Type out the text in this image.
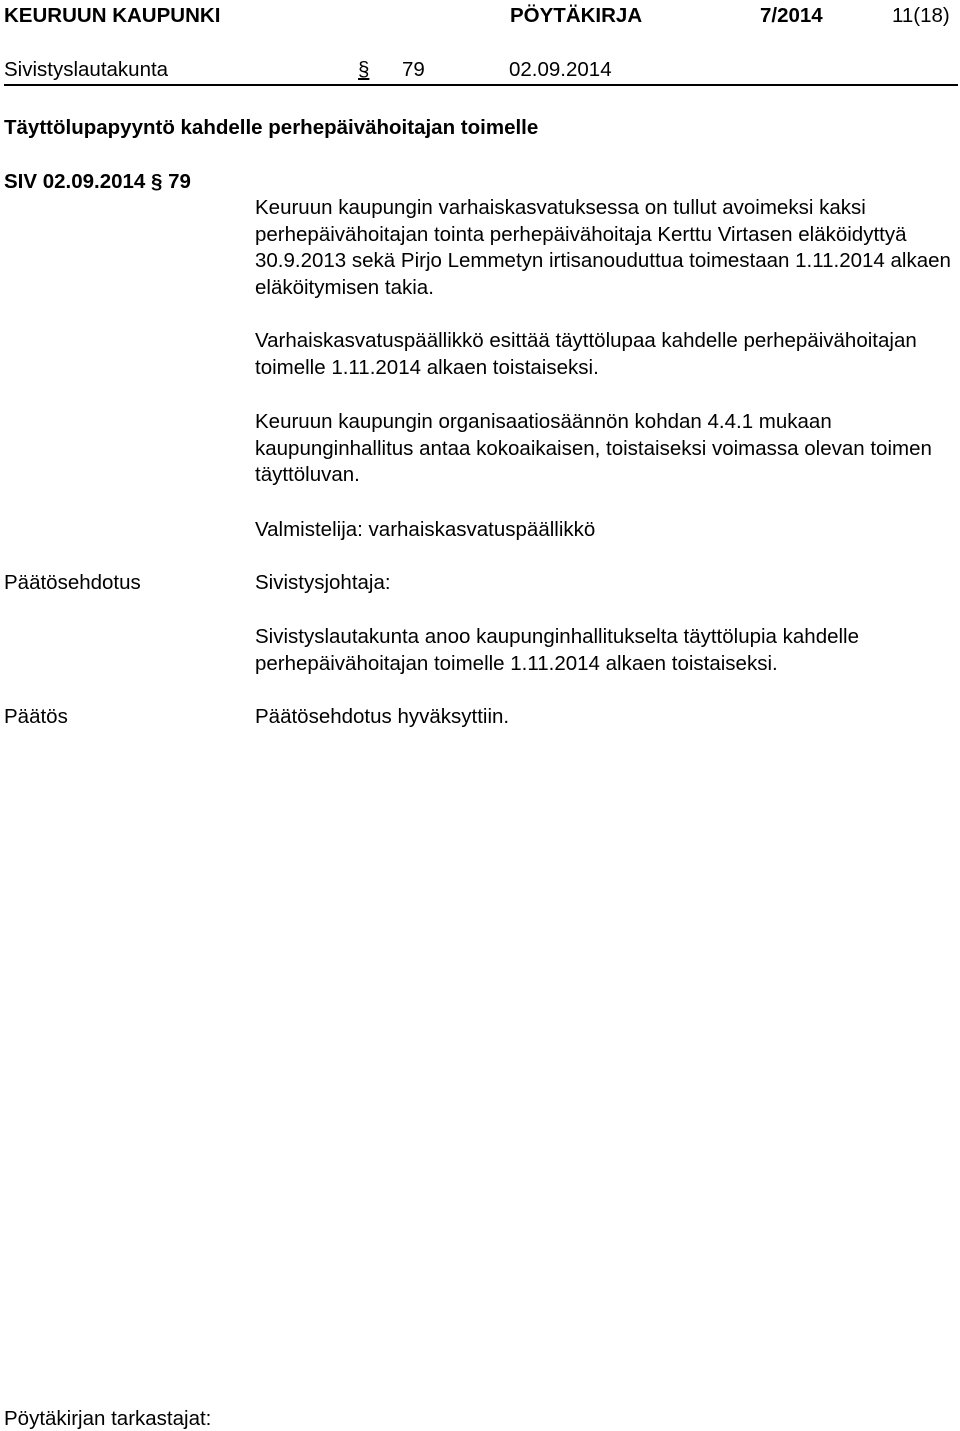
KEURUUN KAUPUNKI	PÖYTÄKIRJA	7/2014	11(18)
Sivistyslautakunta	§ 79	02.09.2014
Täyttölupapyyntö kahdelle perhepäivähoitajan toimelle
SIV 02.09.2014 § 79
Keuruun kaupungin varhaiskasvatuksessa on tullut avoimeksi kaksi perhepäivähoitajan tointa perhepäivähoitaja Kerttu Virtasen eläköidyttyä 30.9.2013 sekä Pirjo Lemmetyn irtisanouduttua toimestaan 1.11.2014 alkaen eläköitymisen takia.
Varhaiskasvatuspäällikkö esittää täyttölupaa kahdelle perhepäivähoitajan toimelle 1.11.2014 alkaen toistaiseksi.
Keuruun kaupungin organisaatiosäännön kohdan 4.4.1 mukaan kaupunginhallitus antaa kokoaikaisen, toistaiseksi voimassa olevan toimen täyttöluvan.
Valmistelija: varhaiskasvatuspäällikkö
Päätösehdotus	Sivistysjohtaja:
Sivistyslautakunta anoo kaupunginhallitukselta täyttölupia kahdelle perhepäivähoitajan toimelle 1.11.2014 alkaen toistaiseksi.
Päätös	Päätösehdotus hyväksyttiin.
Pöytäkirjan tarkastajat:
